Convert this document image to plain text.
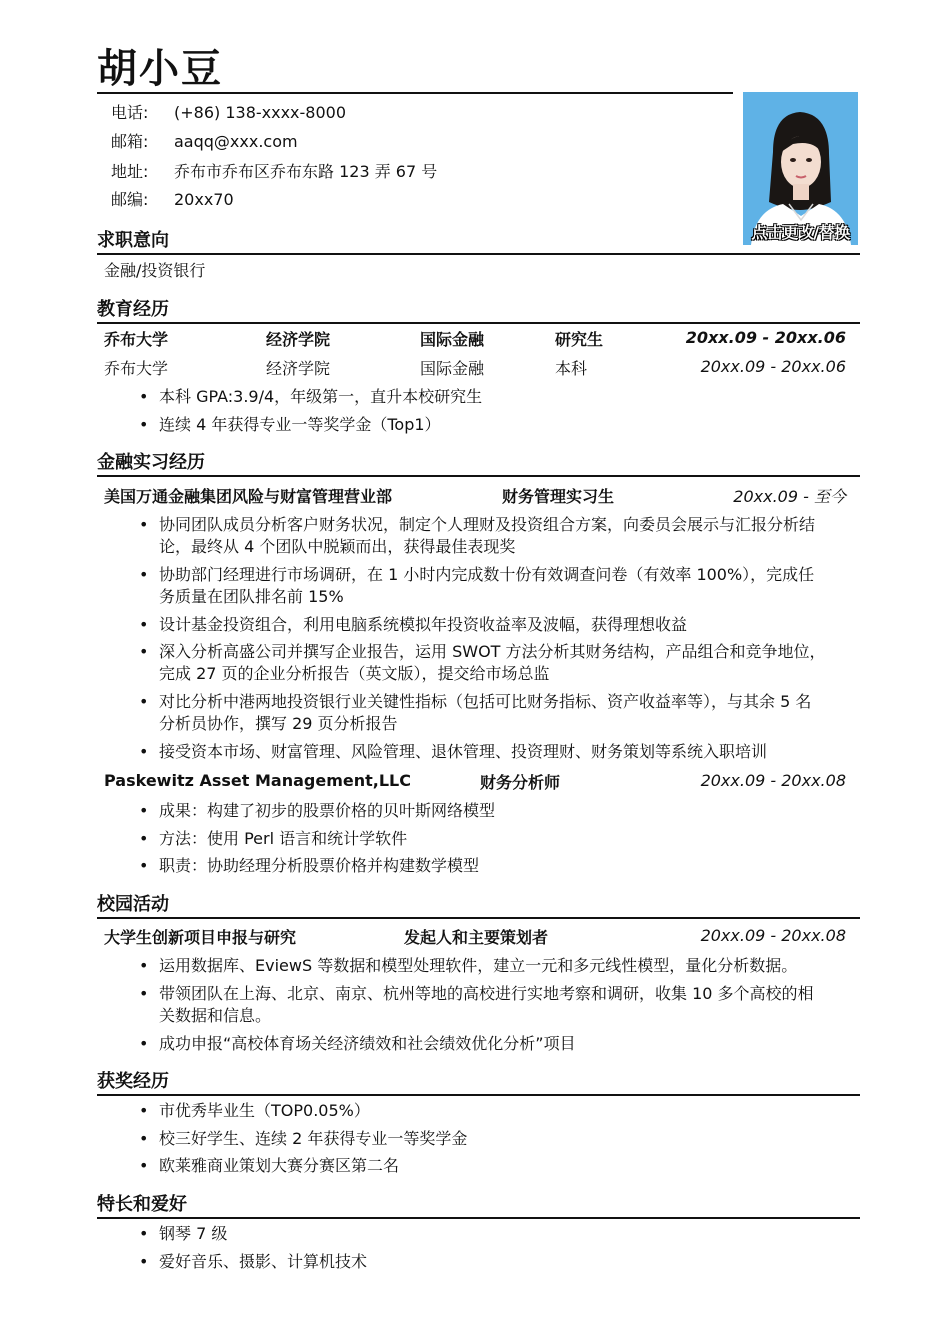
胡小豆
电话: (+86) 138-xxxx-8000
邮箱: aaqq@xxx.com
地址: 乔布市乔布区乔布东路 123 弄 67 号
邮编: 20xx70
点击更改/替换
求职意向
金融/投资银行
教育经历
乔布大学	经济学院	国际金融	研究生	20xx.09 - 20xx.06
乔布大学	经济学院	国际金融	本科	20xx.09 - 20xx.06
• 本科 GPA:3.9/4，年级第一，直升本校研究生
• 连续 4 年获得专业一等奖学金（Top1）
金融实习经历
美国万通金融集团风险与财富管理营业部	财务管理实习生	20xx.09 - 至今
• 协同团队成员分析客户财务状况，制定个人理财及投资组合方案，向委员会展示与汇报分析结
论，最终从 4 个团队中脱颖而出，获得最佳表现奖
• 协助部门经理进行市场调研，在 1 小时内完成数十份有效调查问卷（有效率 100%），完成任
务质量在团队排名前 15%
• 设计基金投资组合，利用电脑系统模拟年投资收益率及波幅，获得理想收益
• 深入分析高盛公司并撰写企业报告，运用 SWOT 方法分析其财务结构，产品组合和竞争地位，
完成 27 页的企业分析报告（英文版），提交给市场总监
• 对比分析中港两地投资银行业关键性指标（包括可比财务指标、资产收益率等），与其余 5 名
分析员协作，撰写 29 页分析报告
• 接受资本市场、财富管理、风险管理、退休管理、投资理财、财务策划等系统入职培训
Paskewitz Asset Management,LLC	财务分析师	20xx.09 - 20xx.08
• 成果：构建了初步的股票价格的贝叶斯网络模型
• 方法：使用 Perl 语言和统计学软件
• 职责：协助经理分析股票价格并构建数学模型
校园活动
大学生创新项目申报与研究	发起人和主要策划者	20xx.09 - 20xx.08
• 运用数据库、EviewS 等数据和模型处理软件，建立一元和多元线性模型，量化分析数据。
• 带领团队在上海、北京、南京、杭州等地的高校进行实地考察和调研，收集 10 多个高校的相
关数据和信息。
• 成功申报“高校体育场关经济绩效和社会绩效优化分析”项目
获奖经历
• 市优秀毕业生（TOP0.05%）
• 校三好学生、连续 2 年获得专业一等奖学金
• 欧莱雅商业策划大赛分赛区第二名
特长和爱好
• 钢琴 7 级
• 爱好音乐、摄影、计算机技术
